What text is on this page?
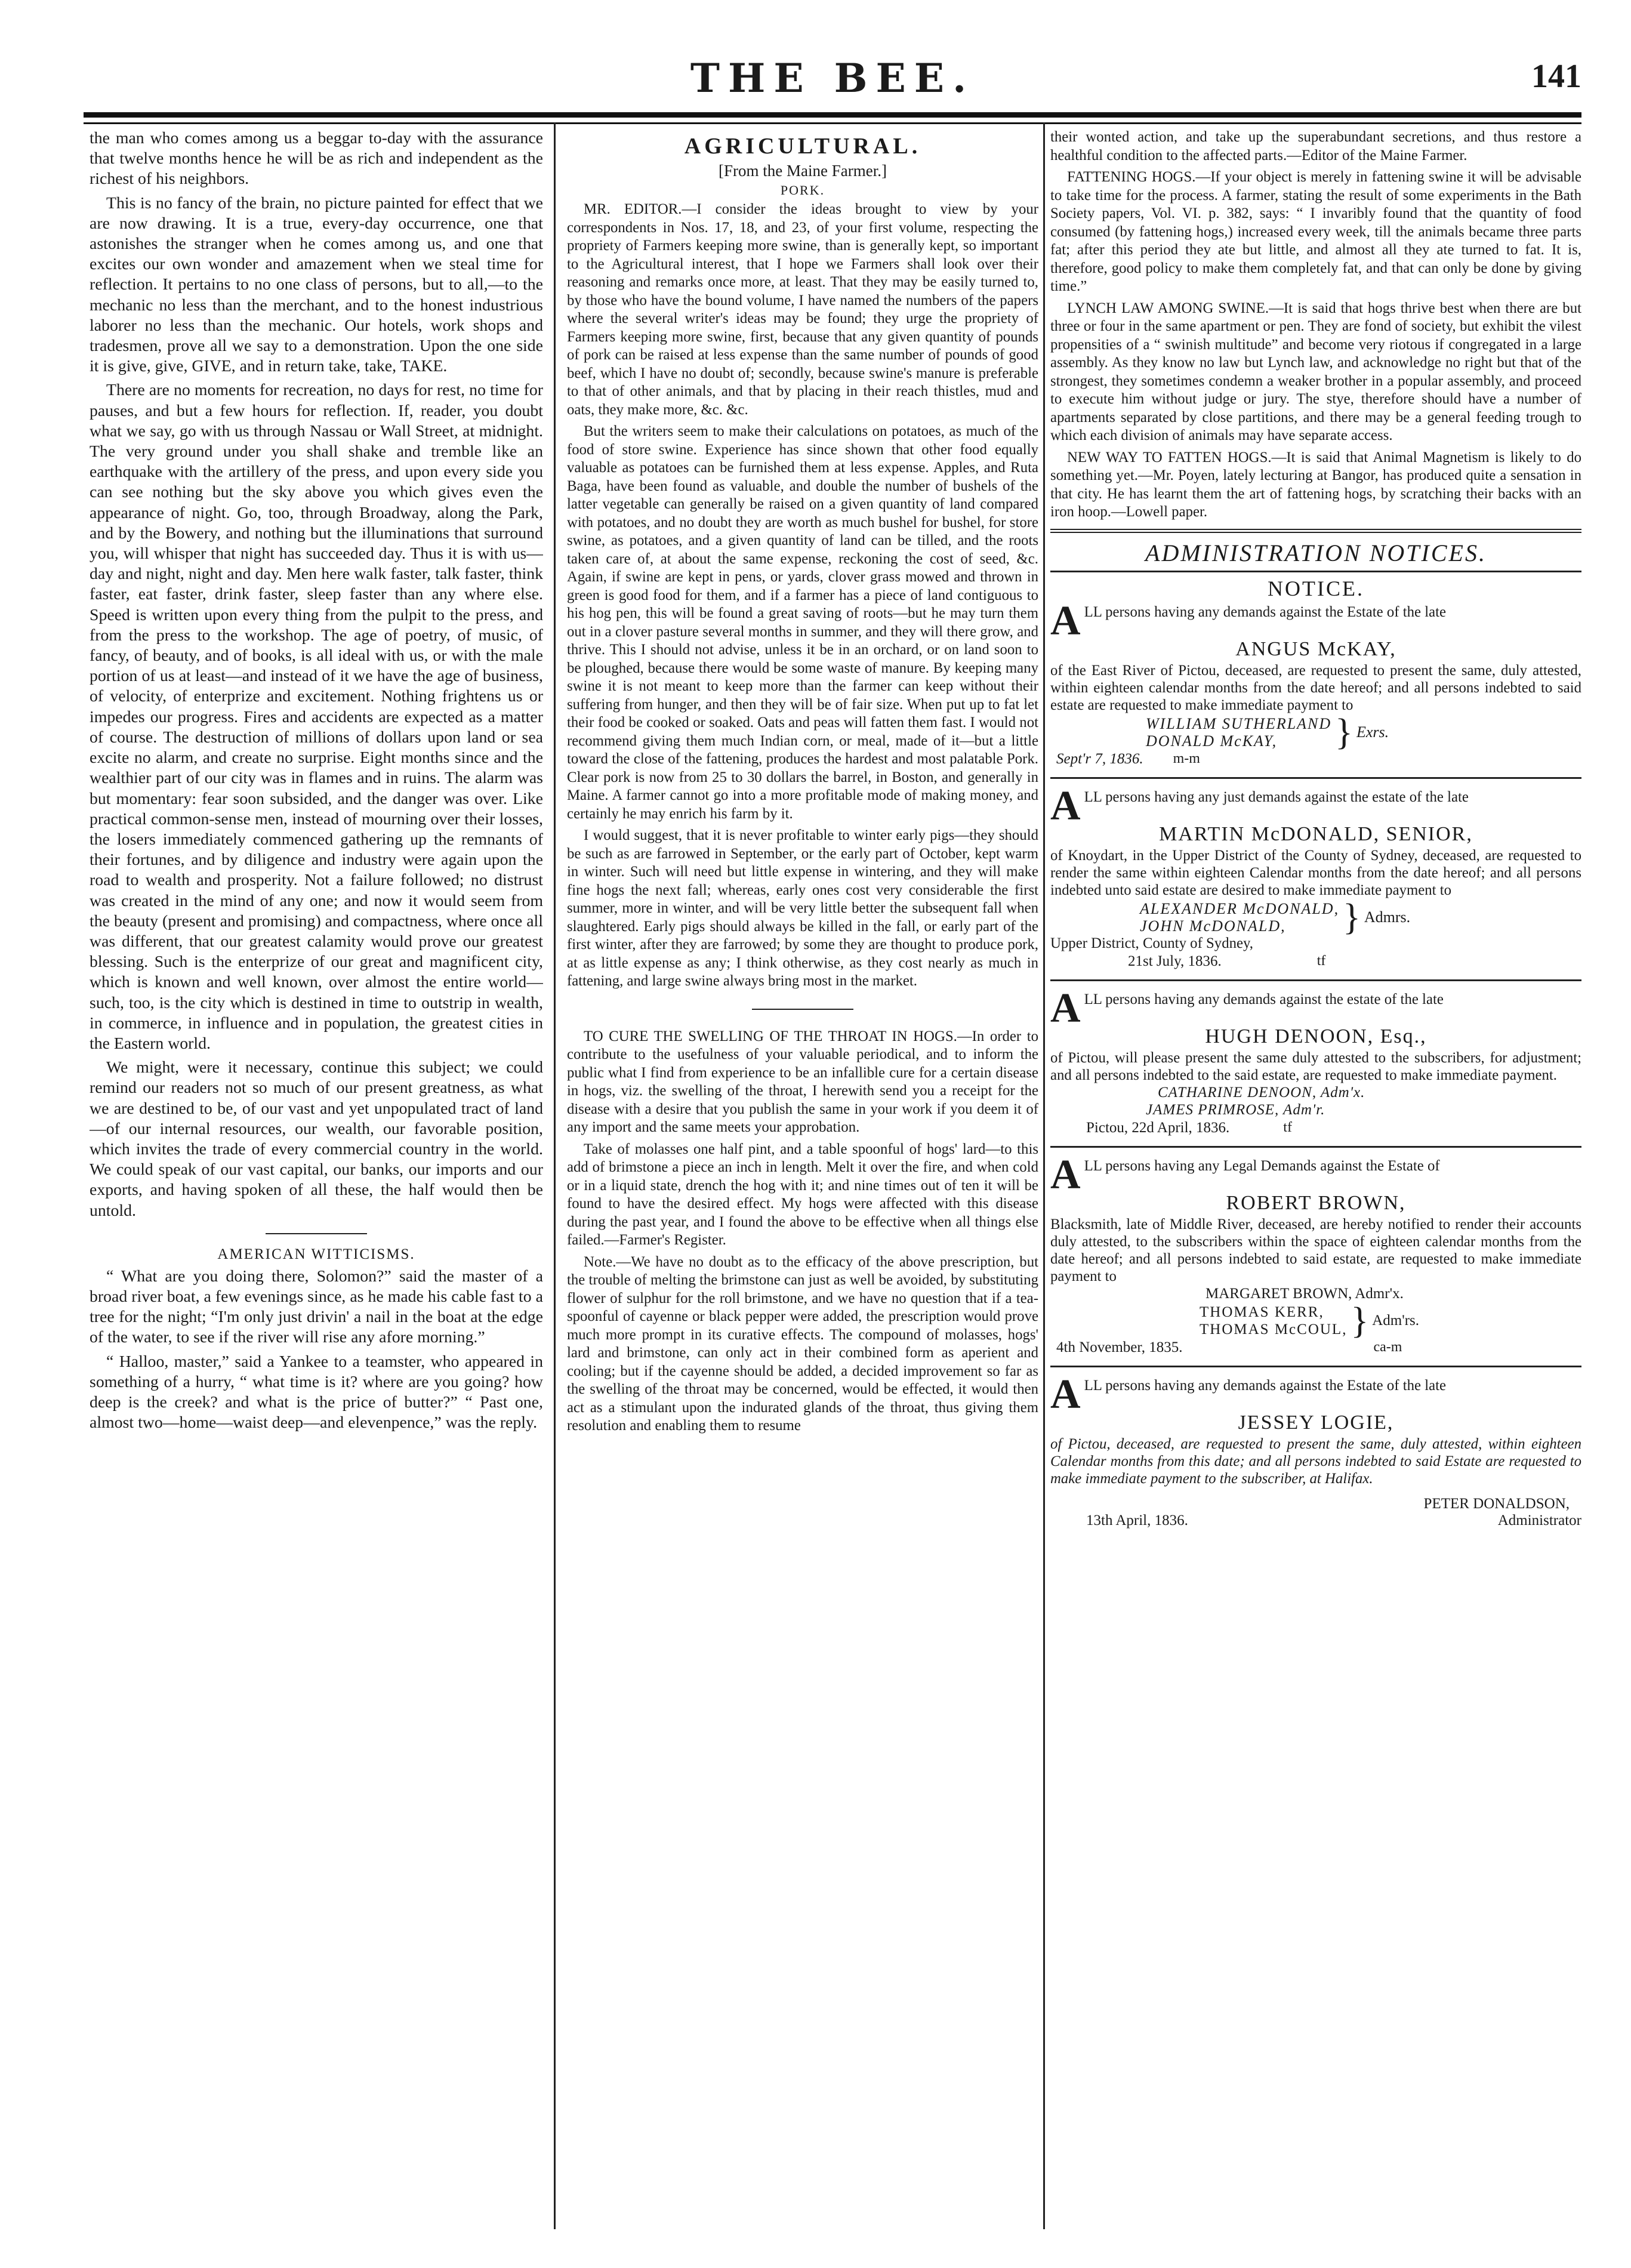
THE BEE.	141

the man who comes among us a beggar to-day with the assurance that twelve months hence he will be as rich and independent as the richest of his neighbors.

This is no fancy of the brain, no picture painted for effect that we are now drawing. It is a true, every-day occurrence, one that astonishes the stranger when he comes among us, and one that excites our own wonder and amazement when we steal time for reflection. It pertains to no one class of persons, but to all,—to the mechanic no less than the merchant, and to the honest industrious laborer no less than the mechanic. Our hotels, work shops and tradesmen, prove all we say to a demonstration. Upon the one side it is give, give, GIVE, and in return take, take, TAKE.

There are no moments for recreation, no days for rest, no time for pauses, and but a few hours for reflection. If, reader, you doubt what we say, go with us through Nassau or Wall Street, at midnight. The very ground under you shall shake and tremble like an earthquake with the artillery of the press, and upon every side you can see nothing but the sky above you which gives even the appearance of night. Go, too, through Broadway, along the Park, and by the Bowery, and nothing but the illuminations that surround you, will whisper that night has succeeded day. Thus it is with us—day and night, night and day. Men here walk faster, talk faster, think faster, eat faster, drink faster, sleep faster than any where else. Speed is written upon every thing from the pulpit to the press, and from the press to the workshop. The age of poetry, of music, of fancy, of beauty, and of books, is all ideal with us, or with the male portion of us at least—and instead of it we have the age of business, of velocity, of enterprize and excitement. Nothing frightens us or impedes our progress. Fires and accidents are expected as a matter of course. The destruction of millions of dollars upon land or sea excite no alarm, and create no surprise. Eight months since and the wealthier part of our city was in flames and in ruins. The alarm was but momentary: fear soon subsided, and the danger was over. Like practical common-sense men, instead of mourning over their losses, the losers immediately commenced gathering up the remnants of their fortunes, and by diligence and industry were again upon the road to wealth and prosperity. Not a failure followed; no distrust was created in the mind of any one; and now it would seem from the beauty (present and promising) and compactness, where once all was different, that our greatest calamity would prove our greatest blessing. Such is the enterprize of our great and magnificent city, which is known and well known, over almost the entire world—such, too, is the city which is destined in time to outstrip in wealth, in commerce, in influence and in population, the greatest cities in the Eastern world.

We might, were it necessary, continue this subject; we could remind our readers not so much of our present greatness, as what we are destined to be, of our vast and yet unpopulated tract of land—of our internal resources, our wealth, our favorable position, which invites the trade of every commercial country in the world. We could speak of our vast capital, our banks, our imports and our exports, and having spoken of all these, the half would then be untold.

AMERICAN WITTICISMS.

“ What are you doing there, Solomon?” said the master of a broad river boat, a few evenings since, as he made his cable fast to a tree for the night; “I'm only just drivin' a nail in the boat at the edge of the water, to see if the river will rise any afore morning.”

“ Halloo, master,” said a Yankee to a teamster, who appeared in something of a hurry, “ what time is it? where are you going? how deep is the creek? and what is the price of butter?” “ Past one, almost two—home—waist deep—and elevenpence,” was the reply.

AGRICULTURAL.
[From the Maine Farmer.]
PORK.

MR. EDITOR.—I consider the ideas brought to view by your correspondents in Nos. 17, 18, and 23, of your first volume, respecting the propriety of Farmers keeping more swine, than is generally kept, so important to the Agricultural interest, that I hope we Farmers shall look over their reasoning and remarks once more, at least. That they may be easily turned to, by those who have the bound volume, I have named the numbers of the papers where the several writer's ideas may be found; they urge the propriety of Farmers keeping more swine, first, because that any given quantity of pounds of pork can be raised at less expense than the same number of pounds of good beef, which I have no doubt of; secondly, because swine's manure is preferable to that of other animals, and that by placing in their reach thistles, mud and oats, they make more, &c. &c.

But the writers seem to make their calculations on potatoes, as much of the food of store swine. Experience has since shown that other food equally valuable as potatoes can be furnished them at less expense. Apples, and Ruta Baga, have been found as valuable, and double the number of bushels of the latter vegetable can generally be raised on a given quantity of land compared with potatoes, and no doubt they are worth as much bushel for bushel, for store swine, as potatoes, and a given quantity of land can be tilled, and the roots taken care of, at about the same expense, reckoning the cost of seed, &c. Again, if swine are kept in pens, or yards, clover grass mowed and thrown in green is good food for them, and if a farmer has a piece of land contiguous to his hog pen, this will be found a great saving of roots—but he may turn them out in a clover pasture several months in summer, and they will there grow, and thrive. This I should not advise, unless it be in an orchard, or on land soon to be ploughed, because there would be some waste of manure. By keeping many swine it is not meant to keep more than the farmer can keep without their suffering from hunger, and then they will be of fair size. When put up to fat let their food be cooked or soaked. Oats and peas will fatten them fast. I would not recommend giving them much Indian corn, or meal, made of it—but a little toward the close of the fattening, produces the hardest and most palatable Pork. Clear pork is now from 25 to 30 dollars the barrel, in Boston, and generally in Maine. A farmer cannot go into a more profitable mode of making money, and certainly he may enrich his farm by it.

I would suggest, that it is never profitable to winter early pigs—they should be such as are farrowed in September, or the early part of October, kept warm in winter. Such will need but little expense in wintering, and they will make fine hogs the next fall; whereas, early ones cost very considerable the first summer, more in winter, and will be very little better the subsequent fall when slaughtered. Early pigs should always be killed in the fall, or early part of the first winter, after they are farrowed; by some they are thought to produce pork, at as little expense as any; I think otherwise, as they cost nearly as much in fattening, and large swine always bring most in the market.

TO CURE THE SWELLING OF THE THROAT IN HOGS.—In order to contribute to the usefulness of your valuable periodical, and to inform the public what I find from experience to be an infallible cure for a certain disease in hogs, viz. the swelling of the throat, I herewith send you a receipt for the disease with a desire that you publish the same in your work if you deem it of any import and the same meets your approbation.

Take of molasses one half pint, and a table spoonful of hogs' lard—to this add of brimstone a piece an inch in length. Melt it over the fire, and when cold or in a liquid state, drench the hog with it; and nine times out of ten it will be found to have the desired effect. My hogs were affected with this disease during the past year, and I found the above to be effective when all things else failed.—Farmer's Register.

Note.—We have no doubt as to the efficacy of the above prescription, but the trouble of melting the brimstone can just as well be avoided, by substituting flower of sulphur for the roll brimstone, and we have no question that if a tea-spoonful of cayenne or black pepper were added, the prescription would prove much more prompt in its curative effects. The compound of molasses, hogs' lard and brimstone, can only act in their combined form as aperient and cooling; but if the cayenne should be added, a decided improvement so far as the swelling of the throat may be concerned, would be effected, it would then act as a stimulant upon the indurated glands of the throat, thus giving them resolution and enabling them to resume

their wonted action, and take up the superabundant secretions, and thus restore a healthful condition to the affected parts.—Editor of the Maine Farmer.

FATTENING HOGS.—If your object is merely in fattening swine it will be advisable to take time for the process. A farmer, stating the result of some experiments in the Bath Society papers, Vol. VI. p. 382, says: “ I invaribly found that the quantity of food consumed (by fattening hogs,) increased every week, till the animals became three parts fat; after this period they ate but little, and almost all they ate turned to fat. It is, therefore, good policy to make them completely fat, and that can only be done by giving time.”

LYNCH LAW AMONG SWINE.—It is said that hogs thrive best when there are but three or four in the same apartment or pen. They are fond of society, but exhibit the vilest propensities of a “ swinish multitude” and become very riotous if congregated in a large assembly. As they know no law but Lynch law, and acknowledge no right but that of the strongest, they sometimes condemn a weaker brother in a popular assembly, and proceed to execute him without judge or jury. The stye, therefore should have a number of apartments separated by close partitions, and there may be a general feeding trough to which each division of animals may have separate access.

NEW WAY TO FATTEN HOGS.—It is said that Animal Magnetism is likely to do something yet.—Mr. Poyen, lately lecturing at Bangor, has produced quite a sensation in that city. He has learnt them the art of fattening hogs, by scratching their backs with an iron hoop.—Lowell paper.

ADMINISTRATION NOTICES.
NOTICE.
ALL persons having any demands against the Estate of the late
ANGUS McKAY,
of the East River of Pictou, deceased, are requested to present the same, duly attested, within eighteen calendar months from the date hereof; and all persons indebted to said estate are requested to make immediate payment to
WILLIAM SUTHERLAND
DONALD McKAY,	} Exrs.
Sept'r 7, 1836. m-m
ALL persons having any just demands against the estate of the late
MARTIN McDONALD, SENIOR,
of Knoydart, in the Upper District of the County of Sydney, deceased, are requested to render the same within eighteen Calendar months from the date hereof; and all persons indebted unto said estate are desired to make immediate payment to
ALEXANDER McDONALD,
JOHN McDONALD,	} Admrs.
Upper District, County of Sydney,
21st July, 1836.	tf
ALL persons having any demands against the estate of the late
HUGH DENOON, Esq.,
of Pictou, will please present the same duly attested to the subscribers, for adjustment; and all persons indebted to the said estate, are requested to make immediate payment.
CATHARINE DENOON, Adm'x.
JAMES PRIMROSE, Adm'r.
Pictou, 22d April, 1836.	tf
ALL persons having any Legal Demands against the Estate of
ROBERT BROWN,
Blacksmith, late of Middle River, deceased, are hereby notified to render their accounts duly attested, to the subscribers within the space of eighteen calendar months from the date hereof; and all persons indebted to said estate, are requested to make immediate payment to
MARGARET BROWN, Admr'x.
THOMAS KERR,
THOMAS McCOUL, } Adm'rs.
4th November, 1835.	ca-m
ALL persons having any demands against the Estate of the late
JESSEY LOGIE,
of Pictou, deceased, are requested to present the same, duly attested, within eighteen Calendar months from this date; and all persons indebted to said Estate are requested to make immediate payment to the subscriber, at Halifax.
PETER DONALDSON,
13th April, 1836.	Administrator
